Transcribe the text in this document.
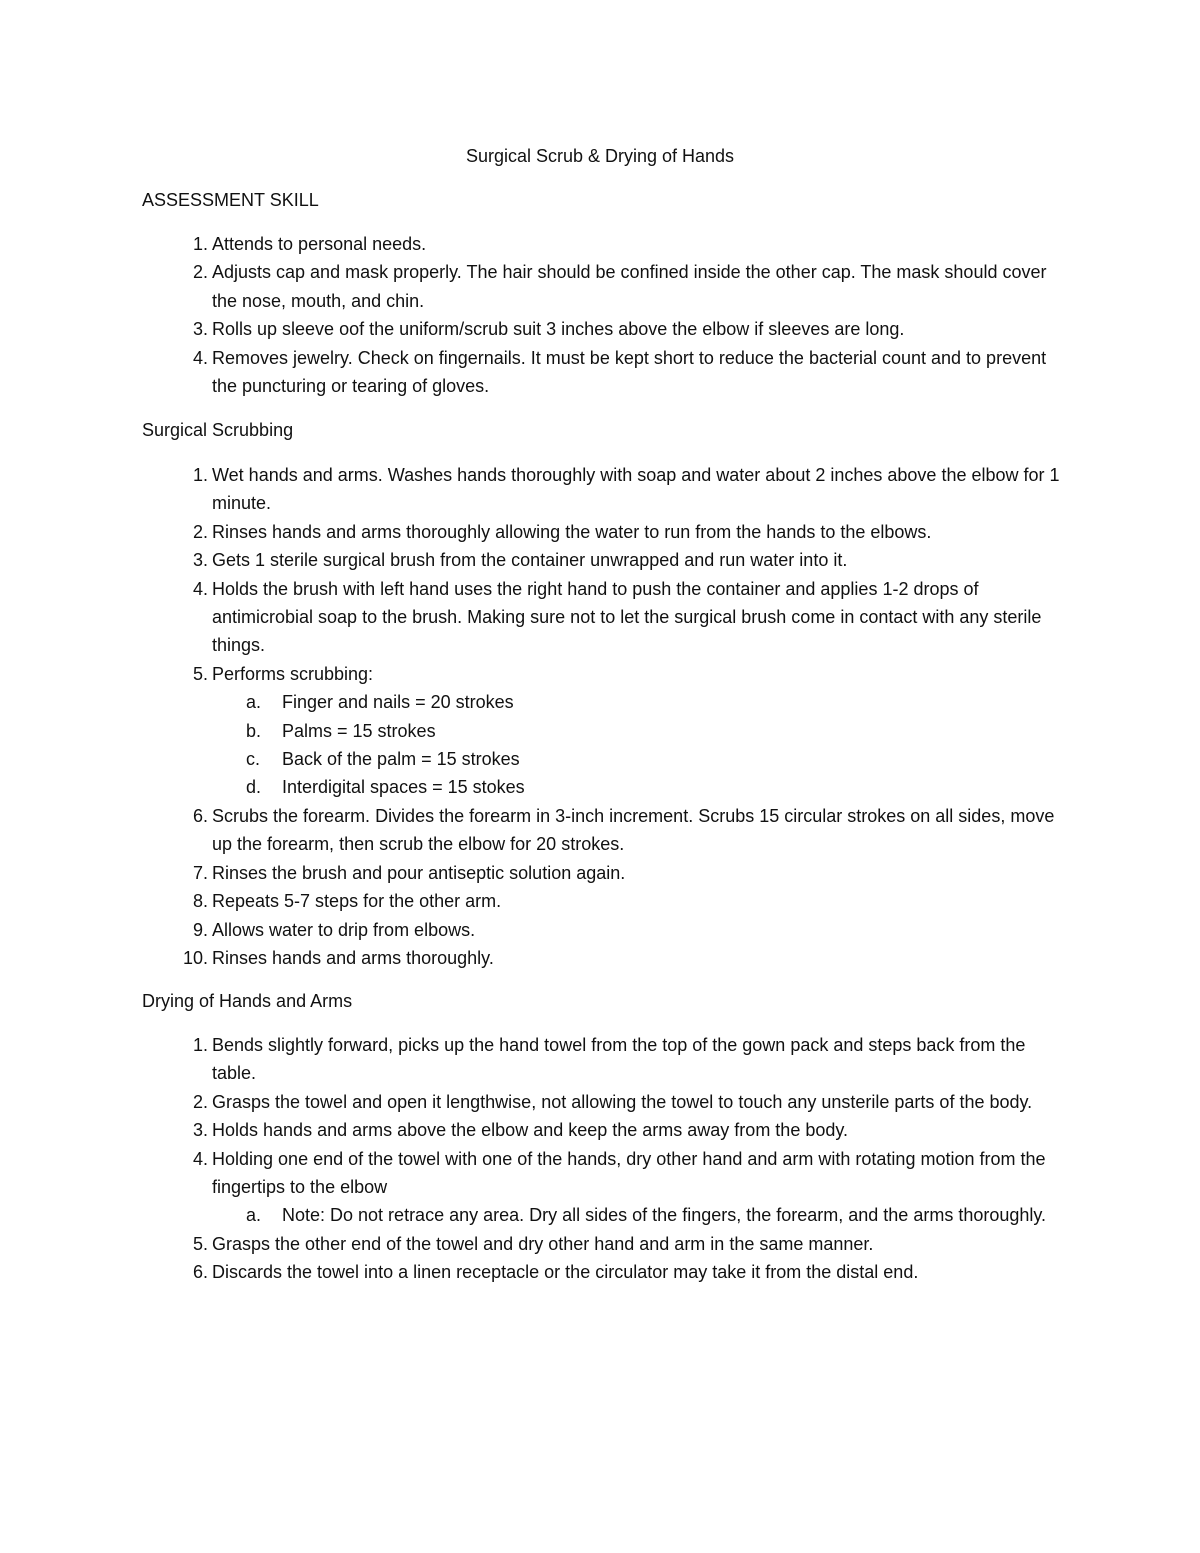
Surgical Scrub & Drying of Hands
ASSESSMENT SKILL
1. Attends to personal needs.
2. Adjusts cap and mask properly. The hair should be confined inside the other cap. The mask should cover the nose, mouth, and chin.
3. Rolls up sleeve oof the uniform/scrub suit 3 inches above the elbow if sleeves are long.
4. Removes jewelry. Check on fingernails. It must be kept short to reduce the bacterial count and to prevent the puncturing or tearing of gloves.
Surgical Scrubbing
1. Wet hands and arms. Washes hands thoroughly with soap and water about 2 inches above the elbow for 1 minute.
2. Rinses hands and arms thoroughly allowing the water to run from the hands to the elbows.
3. Gets 1 sterile surgical brush from the container unwrapped and run water into it.
4. Holds the brush with left hand uses the right hand to push the container and applies 1-2 drops of antimicrobial soap to the brush. Making sure not to let the surgical brush come in contact with any sterile things.
5. Performs scrubbing:
a.	Finger and nails = 20 strokes
b.	Palms = 15 strokes
c.	Back of the palm = 15 strokes
d.	Interdigital spaces = 15 stokes
6. Scrubs the forearm. Divides the forearm in 3-inch increment. Scrubs 15 circular strokes on all sides, move up the forearm, then scrub the elbow for 20 strokes.
7. Rinses the brush and pour antiseptic solution again.
8. Repeats 5-7 steps for the other arm.
9. Allows water to drip from elbows.
10. Rinses hands and arms thoroughly.
Drying of Hands and Arms
1. Bends slightly forward, picks up the hand towel from the top of the gown pack and steps back from the table.
2. Grasps the towel and open it lengthwise, not allowing the towel to touch any unsterile parts of the body.
3. Holds hands and arms above the elbow and keep the arms away from the body.
4. Holding one end of the towel with one of the hands, dry other hand and arm with rotating motion from the fingertips to the elbow
a.	Note: Do not retrace any area. Dry all sides of the fingers, the forearm, and the arms thoroughly.
5. Grasps the other end of the towel and dry other hand and arm in the same manner.
6. Discards the towel into a linen receptacle or the circulator may take it from the distal end.
